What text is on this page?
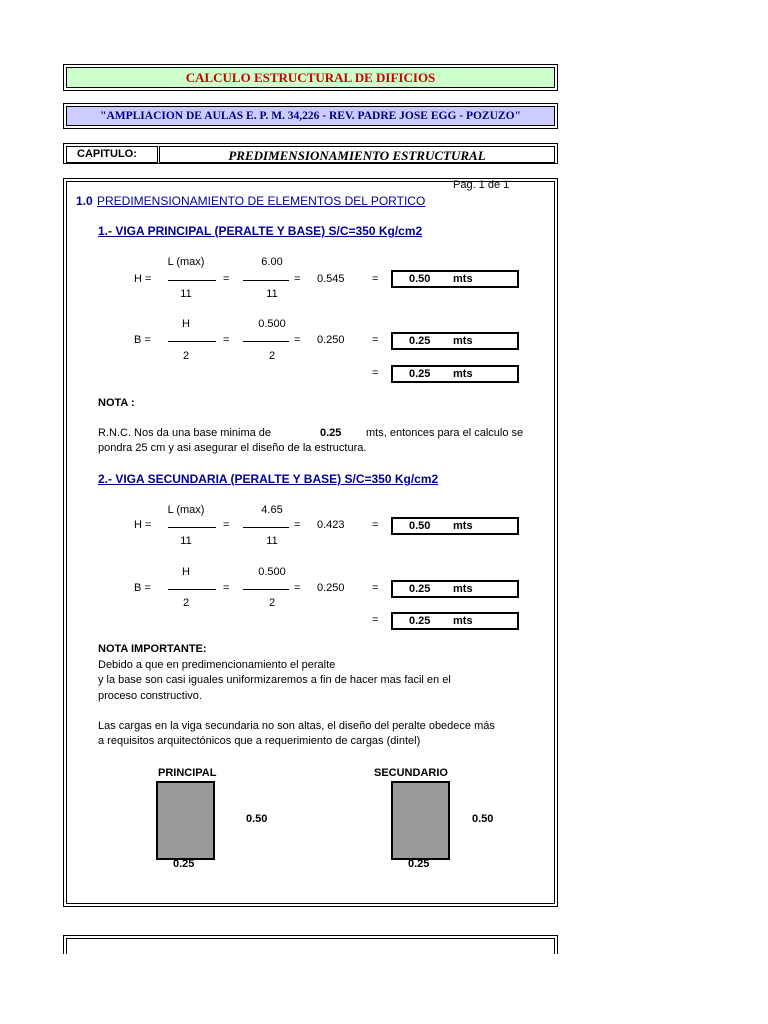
CALCULO ESTRUCTURAL DE DIFICIOS
"AMPLIACION DE AULAS E. P. M. 34,226 - REV. PADRE JOSE EGG - POZUZO"
CAPITULO:	PREDIMENSIONAMIENTO ESTRUCTURAL
Pag. 1 de 1
1.0 PREDIMENSIONAMIENTO DE ELEMENTOS DEL PORTICO
1.- VIGA PRINCIPAL (PERALTE Y BASE) S/C=350 Kg/cm2
H =
L (max)
11
=
6.00
11
= 0.545 =	0.50 mts
B =
H
2
=
0.500
2
= 0.250 =	0.25 mts
=	0.25 mts
NOTA :
R.N.C. Nos da una base minima de	0.25 mts, entonces para el calculo se
pondra 25 cm y asi asegurar el diseño de la estructura.
2.- VIGA SECUNDARIA (PERALTE Y BASE) S/C=350 Kg/cm2
H =
L (max)
11
=
4.65
11
= 0.423 =	0.50 mts
B =
H
2
=
0.500
2
= 0.250 =	0.25 mts
=	0.25 mts
NOTA IMPORTANTE:
Debido a que en predimencionamiento el peralte
y la base son casi iguales uniformizaremos a fin de hacer mas facil en el
proceso constructivo.
Las cargas en la viga secundaria no son altas, el diseño del peralte obedece más
a requisitos arquitectónicos que a requerimiento de cargas (dintel)
PRINCIPAL
0.50
0.25
SECUNDARIO
0.50
0.25
